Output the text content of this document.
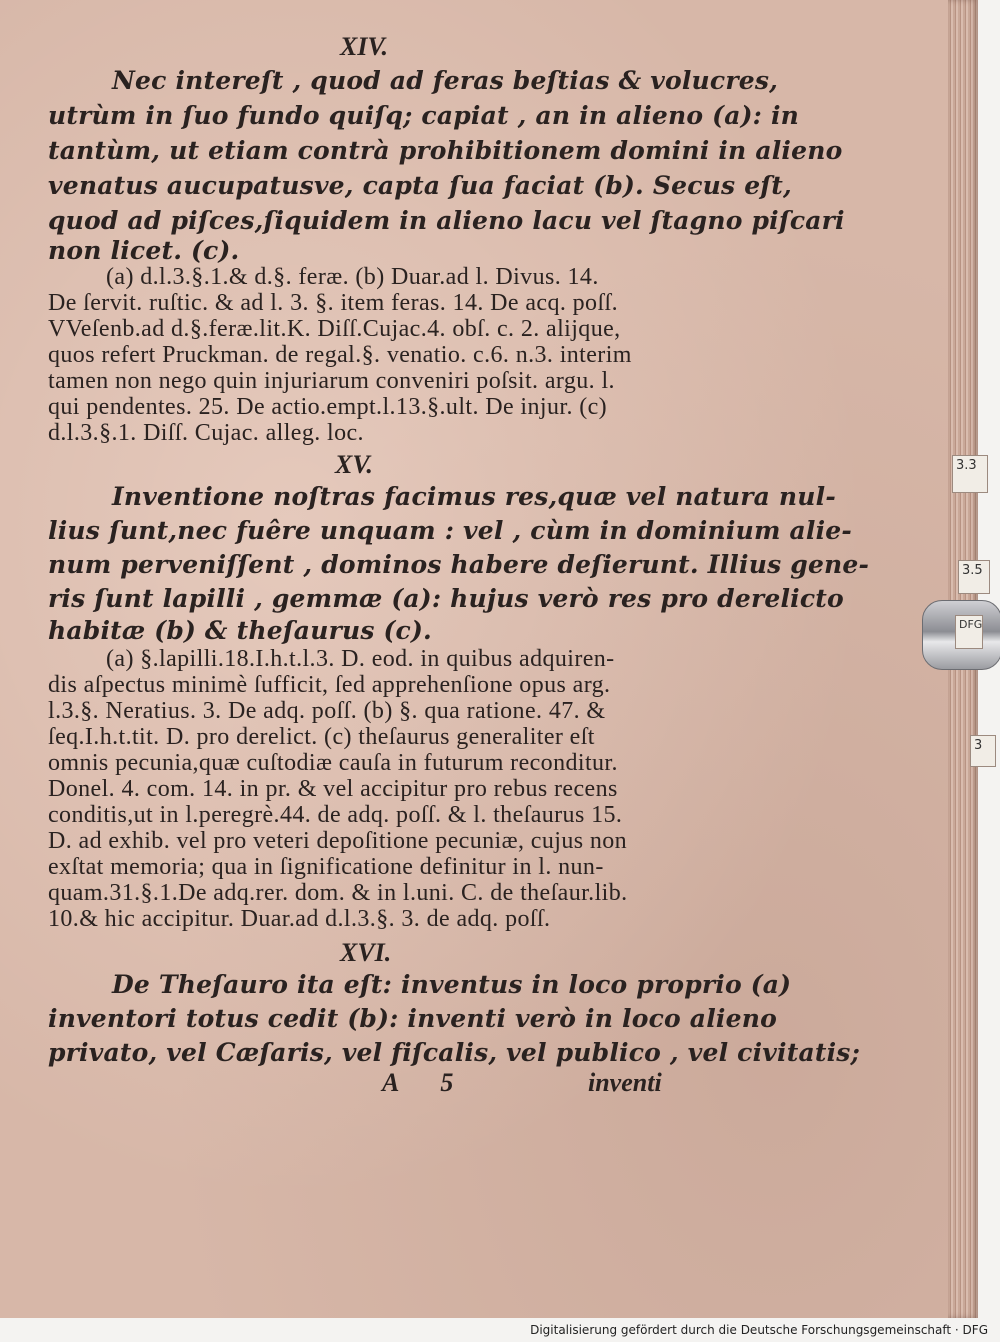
3.3
3.5
DFG
3
XIV.
Nec intereſt , quod ad feras beſtias & volucres,
utrùm in ſuo fundo quiſq; capiat , an in alieno (a): in
tantùm, ut etiam contrà prohibitionem domini in alieno
venatus aucupatusve, capta ſua faciat (b). Secus eſt,
quod ad piſces,ſiquidem in alieno lacu vel ſtagno piſcari
non licet. (c).
(a) d.l.3.§.1.& d.§. feræ. (b) Duar.ad l. Divus. 14.
De ſervit. ruſtic. & ad l. 3. §. item feras. 14. De acq. poſſ.
VVeſenb.ad d.§.feræ.lit.K. Diſſ.Cujac.4. obſ. c. 2. alijque,
quos refert Pruckman. de regal.§. venatio. c.6. n.3. interim
tamen non nego quin injuriarum conveniri poſsit. argu. l.
qui pendentes. 25. De actio.empt.l.13.§.ult. De injur. (c)
d.l.3.§.1. Diſſ. Cujac. alleg. loc.
XV.
Inventione noſtras facimus res,quæ vel natura nul-
lius ſunt,nec fuêre unquam : vel , cùm in dominium alie-
num perveniſſent , dominos habere deſierunt. Illius gene-
ris ſunt lapilli , gemmæ (a): hujus verò res pro derelicto
habitæ (b) & theſaurus (c).
(a) §.lapilli.18.I.h.t.l.3. D. eod. in quibus adquiren-
dis aſpectus minimè ſufficit, ſed apprehenſione opus arg.
l.3.§. Neratius. 3. De adq. poſſ. (b) §. qua ratione. 47. &
ſeq.I.h.t.tit. D. pro derelict. (c) theſaurus generaliter eſt
omnis pecunia,quæ cuſtodiæ cauſa in futurum reconditur.
Donel. 4. com. 14. in pr. & vel accipitur pro rebus recens
conditis,ut in l.peregrè.44. de adq. poſſ. & l. theſaurus 15.
D. ad exhib. vel pro veteri depoſitione pecuniæ, cujus non
exſtat memoria; qua in ſignificatione definitur in l. nun-
quam.31.§.1.De adq.rer. dom. & in l.uni. C. de theſaur.lib.
10.& hic accipitur. Duar.ad d.l.3.§. 3. de adq. poſſ.
XVI.
De Theſauro ita eſt: inventus in loco proprio (a)
inventori totus cedit (b): inventi verò in loco alieno
privato, vel Cæſaris, vel fiſcalis, vel publico , vel civitatis;
A 5	inventi
Digitalisierung gefördert durch die Deutsche Forschungsgemeinschaft · DFG
